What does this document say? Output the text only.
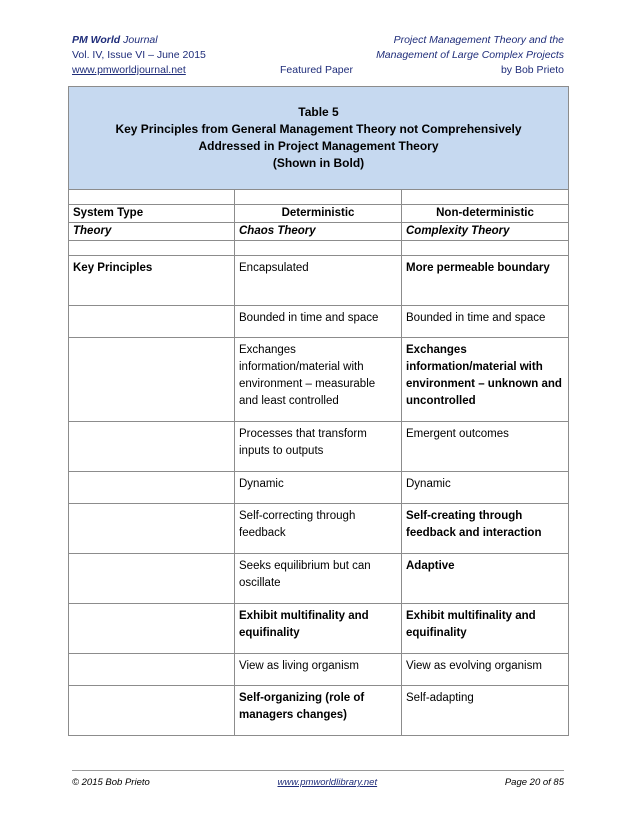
PM World Journal	Project Management Theory and the
Vol. IV, Issue VI – June 2015	Management of Large Complex Projects
www.pmworldjournal.net	Featured Paper	by Bob Prieto
Table 5
Key Principles from General Management Theory not Comprehensively
Addressed in Project Management Theory
(Shown in Bold)		

System Type	Deterministic	Non-deterministic
Theory	Chaos Theory	Complexity Theory

Key Principles	Encapsulated	More permeable boundary
	Bounded in time and space	Bounded in time and space
	Exchanges information/material with environment – measurable and least controlled	Exchanges information/material with environment – unknown and uncontrolled
	Processes that transform inputs to outputs	Emergent outcomes
	Dynamic	Dynamic
	Self-correcting through feedback	Self-creating through feedback and interaction
	Seeks equilibrium but can oscillate	Adaptive
	Exhibit multifinality and equifinality	Exhibit multifinality and equifinality
	View as living organism	View as evolving organism
	Self-organizing (role of managers changes)	Self-adapting
© 2015 Bob Prieto	www.pmworldlibrary.net	Page 20 of 85
